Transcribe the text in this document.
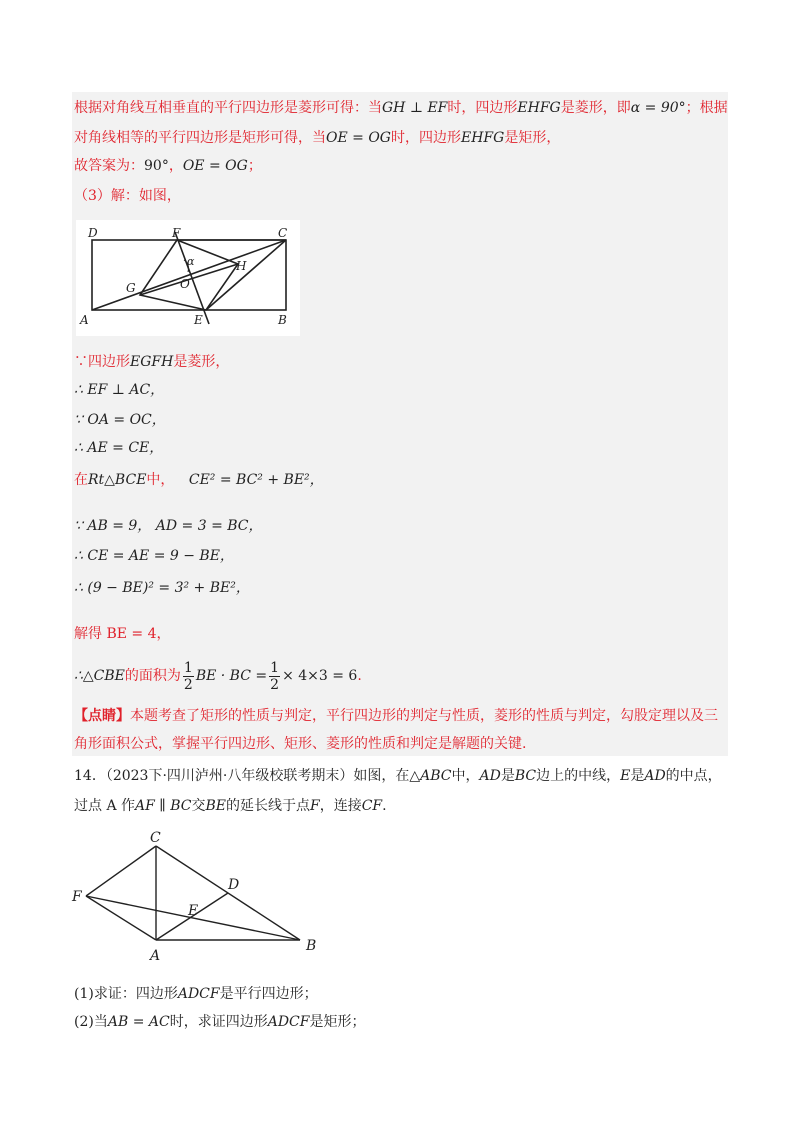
根据对角线互相垂直的平行四边形是菱形可得：当GH ⊥ EF时，四边形EHFG是菱形，即α = 90°；根据
对角线相等的平行四边形是矩形可得，当OE = OG时，四边形EHFG是矩形，
故答案为：90°，OE = OG；
（3）解：如图，
D	F	C
A	E	B
G	O
H
α
∵四边形EGFH是菱形，
∴ EF ⊥ AC，
∵ OA = OC，
∴ AE = CE，
在Rt△BCE中， CE² = BC² + BE²，
∵ AB = 9， AD = 3 = BC，
∴ CE = AE = 9 − BE，
∴ (9 − BE)² = 3² + BE²，
解得 BE = 4，
∴△CBE的面积为 $\frac{1}{2}$ BE · BC = $\frac{1}{2} \times 4\times 3 = 6$.
【点睛】本题考查了矩形的性质与判定，平行四边形的判定与性质，菱形的性质与判定，勾股定理以及三
角形面积公式，掌握平行四边形、矩形、菱形的性质和判定是解题的关键.
14．（2023下·四川泸州·八年级校联考期末）如图，在△ABC中，AD是BC边上的中线，E是AD的中点，
过点 A 作AF ∥ BC交BE的延长线于点F，连接CF.
C
D
F
E
A
B
(1)求证：四边形ADCF是平行四边形；
(2)当AB = AC时，求证四边形ADCF是矩形；
